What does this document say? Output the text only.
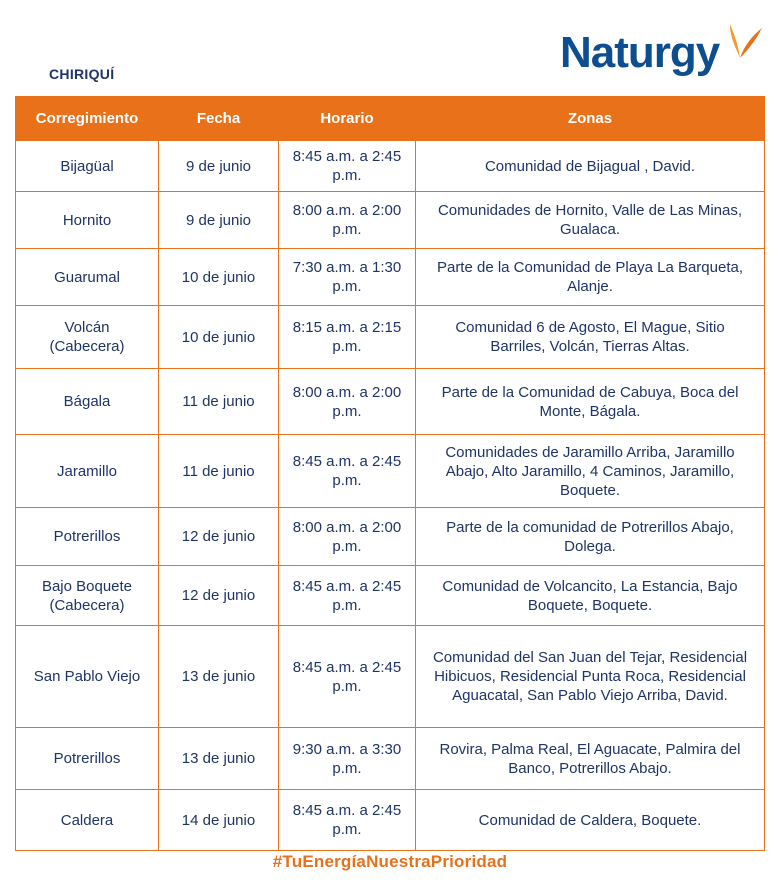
CHIRIQUÍ	Naturgy
Corregimiento	Fecha	Horario	Zonas
Bijagüal	9 de junio	8:45 a.m. a 2:45 p.m.	Comunidad de Bijagual , David.
Hornito	9 de junio	8:00 a.m. a 2:00 p.m.	Comunidades de Hornito, Valle de Las Minas, Gualaca.
Guarumal	10 de junio	7:30 a.m. a 1:30 p.m.	Parte de la Comunidad de Playa La Barqueta, Alanje.
Volcán (Cabecera)	10 de junio	8:15 a.m. a 2:15 p.m.	Comunidad 6 de Agosto, El Mague, Sitio Barriles, Volcán, Tierras Altas.
Bágala	11 de junio	8:00 a.m. a 2:00 p.m.	Parte de la Comunidad de Cabuya, Boca del Monte, Bágala.
Jaramillo	11 de junio	8:45 a.m. a 2:45 p.m.	Comunidades de Jaramillo Arriba, Jaramillo Abajo, Alto Jaramillo, 4 Caminos, Jaramillo, Boquete.
Potrerillos	12 de junio	8:00 a.m. a 2:00 p.m.	Parte de la comunidad de Potrerillos Abajo, Dolega.
Bajo Boquete (Cabecera)	12 de junio	8:45 a.m. a 2:45 p.m.	Comunidad de Volcancito, La Estancia, Bajo Boquete, Boquete.
San Pablo Viejo	13 de junio	8:45 a.m. a 2:45 p.m.	Comunidad del San Juan del Tejar, Residencial Hibicuos, Residencial Punta Roca, Residencial Aguacatal, San Pablo Viejo Arriba, David.
Potrerillos	13 de junio	9:30 a.m. a 3:30 p.m.	Rovira, Palma Real, El Aguacate, Palmira del Banco, Potrerillos Abajo.
Caldera	14 de junio	8:45 a.m. a 2:45 p.m.	Comunidad de Caldera, Boquete.
#TuEnergíaNuestraPrioridad
